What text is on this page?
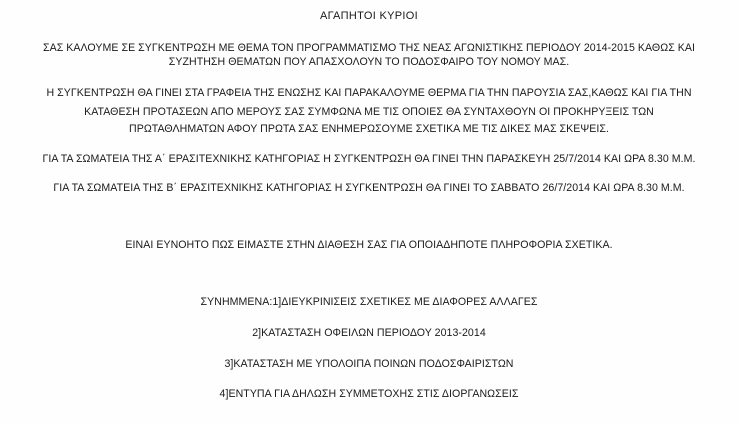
ΑΓΑΠΗΤΟΙ ΚΥΡΙΟΙ
ΣΑΣ ΚΑΛΟΥΜΕ ΣΕ ΣΥΓΚΕΝΤΡΩΣΗ ΜΕ ΘΕΜΑ ΤΟΝ ΠΡΟΓΡΑΜΜΑΤΙΣΜΟ ΤΗΣ ΝΕΑΣ ΑΓΩΝΙΣΤΙΚΗΣ ΠΕΡΙΟΔΟΥ 2014-2015 ΚΑΘΩΣ ΚΑΙ
ΣΥΖΗΤΗΣΗ ΘΕΜΑΤΩΝ ΠΟΥ ΑΠΑΣΧΟΛΟΥΝ ΤΟ ΠΟΔΟΣΦΑΙΡΟ ΤΟΥ ΝΟΜΟΥ ΜΑΣ.
Η ΣΥΓΚΕΝΤΡΩΣΗ ΘΑ ΓΙΝΕΙ ΣΤΑ ΓΡΑΦΕΙΑ ΤΗΣ ΕΝΩΣΗΣ ΚΑΙ ΠΑΡΑΚΑΛΟΥΜΕ ΘΕΡΜΑ ΓΙΑ ΤΗΝ ΠΑΡΟΥΣΙΑ ΣΑΣ,ΚΑΘΩΣ ΚΑΙ ΓΙΑ ΤΗΝ
ΚΑΤΑΘΕΣΗ ΠΡΟΤΑΣΕΩΝ ΑΠΟ ΜΕΡΟΥΣ ΣΑΣ ΣΥΜΦΩΝΑ ΜΕ ΤΙΣ ΟΠΟΙΕΣ ΘΑ ΣΥΝΤΑΧΘΟΥΝ ΟΙ ΠΡΟΚΗΡΥΞΕΙΣ ΤΩΝ
ΠΡΩΤΑΘΛΗΜΑΤΩΝ ΑΦΟΥ ΠΡΩΤΑ ΣΑΣ ΕΝΗΜΕΡΩΣΟΥΜΕ ΣΧΕΤΙΚΑ ΜΕ ΤΙΣ ΔΙΚΕΣ ΜΑΣ ΣΚΕΨΕΙΣ.
ΓΙΑ ΤΑ ΣΩΜΑΤΕΙΑ ΤΗΣ Α΄ ΕΡΑΣΙΤΕΧΝΙΚΗΣ ΚΑΤΗΓΟΡΙΑΣ Η ΣΥΓΚΕΝΤΡΩΣΗ ΘΑ ΓΙΝΕΙ ΤΗΝ ΠΑΡΑΣΚΕΥΗ 25/7/2014 ΚΑΙ ΩΡΑ 8.30 Μ.Μ.
ΓΙΑ ΤΑ ΣΩΜΑΤΕΙΑ ΤΗΣ Β΄ ΕΡΑΣΙΤΕΧΝΙΚΗΣ ΚΑΤΗΓΟΡΙΑΣ Η ΣΥΓΚΕΝΤΡΩΣΗ ΘΑ ΓΙΝΕΙ ΤΟ ΣΑΒΒΑΤΟ 26/7/2014 ΚΑΙ ΩΡΑ 8.30 Μ.Μ.
ΕΙΝΑΙ ΕΥΝΟΗΤΟ ΠΩΣ ΕΙΜΑΣΤΕ ΣΤΗΝ ΔΙΑΘΕΣΗ ΣΑΣ ΓΙΑ ΟΠΟΙΑΔΗΠΟΤΕ ΠΛΗΡΟΦΟΡΙΑ ΣΧΕΤΙΚΑ.
ΣΥΝΗΜΜΕΝΑ:1]ΔΙΕΥΚΡΙΝΙΣΕΙΣ ΣΧΕΤΙΚΕΣ ΜΕ ΔΙΑΦΟΡΕΣ ΑΛΛΑΓΕΣ
2]ΚΑΤΑΣΤΑΣΗ ΟΦΕΙΛΩΝ ΠΕΡΙΟΔΟΥ 2013-2014
3]ΚΑΤΑΣΤΑΣΗ ΜΕ ΥΠΟΛΟΙΠΑ ΠΟΙΝΩΝ ΠΟΔΟΣΦΑΙΡΙΣΤΩΝ
4]ΕΝΤΥΠΑ ΓΙΑ ΔΗΛΩΣΗ ΣΥΜΜΕΤΟΧΗΣ ΣΤΙΣ ΔΙΟΡΓΑΝΩΣΕΙΣ
